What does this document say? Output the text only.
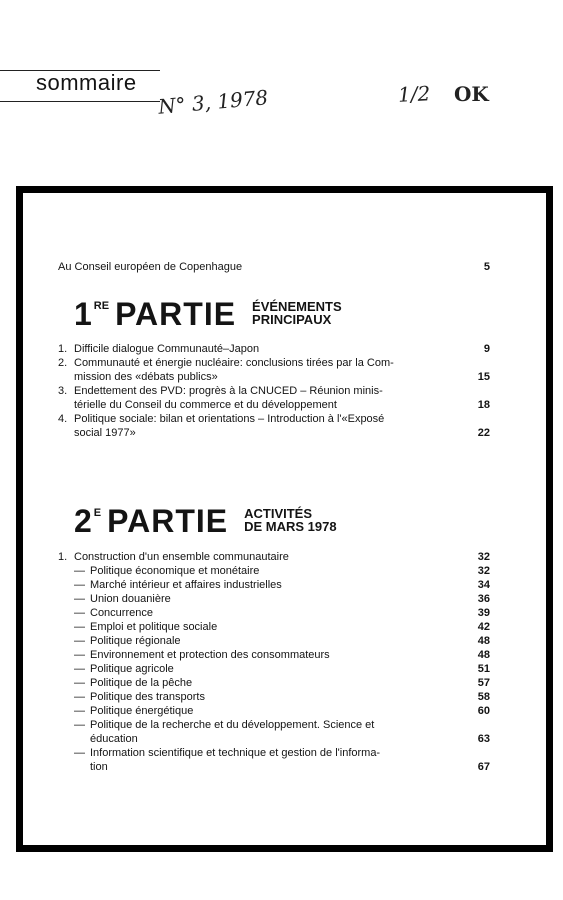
sommaire
N° 3, 1978	1/2 OK
Au Conseil européen de Copenhague	5
1 RE PARTIE ÉVÉNEMENTS
PRINCIPAUX
1. Difficile dialogue Communauté–Japon	9
2. Communauté et énergie nucléaire: conclusions tirées par la Com-
mission des «débats publics»	15
3. Endettement des PVD: progrès à la CNUCED – Réunion minis-
térielle du Conseil du commerce et du développement	18
4. Politique sociale: bilan et orientations – Introduction à l'«Exposé
social 1977»	22
2 E PARTIE ACTIVITÉS
DE MARS 1978
1. Construction d'un ensemble communautaire	32
— Politique économique et monétaire	32
— Marché intérieur et affaires industrielles	34
— Union douanière	36
— Concurrence	39
— Emploi et politique sociale	42
— Politique régionale	48
— Environnement et protection des consommateurs	48
— Politique agricole	51
— Politique de la pêche	57
— Politique des transports	58
— Politique énergétique	60
— Politique de la recherche et du développement. Science et
éducation	63
— Information scientifique et technique et gestion de l'informa-
tion	67
